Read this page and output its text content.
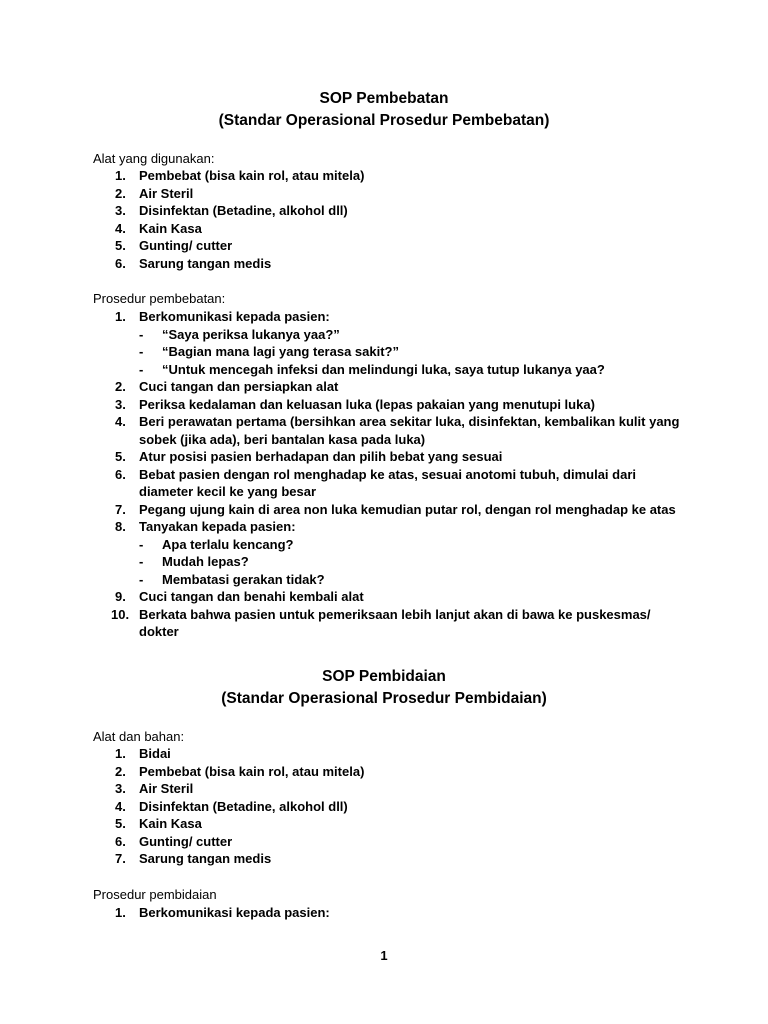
SOP Pembebatan
(Standar Operasional Prosedur Pembebatan)

Alat yang digunakan:

1.	Pembebat (bisa kain rol, atau mitela)
2.	Air Steril
3.	Disinfektan (Betadine, alkohol dll)
4.	Kain Kasa
5.	Gunting/ cutter
6.	Sarung tangan medis

Prosedur pembebatan:

1.	Berkomunikasi kepada pasien:
- “Saya periksa lukanya yaa?”
- “Bagian mana lagi yang terasa sakit?”
- “Untuk mencegah infeksi dan melindungi luka, saya tutup lukanya yaa?
2.	Cuci tangan dan persiapkan alat
3.	Periksa kedalaman dan keluasan luka (lepas pakaian yang menutupi luka)
4.	Beri perawatan pertama (bersihkan area sekitar luka, disinfektan, kembalikan kulit yang sobek (jika ada), beri bantalan kasa pada luka)
5.	Atur posisi pasien berhadapan dan pilih bebat yang sesuai
6.	Bebat pasien dengan rol menghadap ke atas, sesuai anotomi tubuh, dimulai dari diameter kecil ke yang besar
7.	Pegang ujung kain di area non luka kemudian putar rol, dengan rol menghadap ke atas
8.	Tanyakan kepada pasien:
- Apa terlalu kencang?
- Mudah lepas?
- Membatasi gerakan tidak?
9.	Cuci tangan dan benahi kembali alat
10. Berkata bahwa pasien untuk pemeriksaan lebih lanjut akan di bawa ke puskesmas/ dokter
SOP Pembidaian
(Standar Operasional Prosedur Pembidaian)

Alat dan bahan:

1.	Bidai
2.	Pembebat (bisa kain rol, atau mitela)
3.	Air Steril
4.	Disinfektan (Betadine, alkohol dll)
5.	Kain Kasa
6.	Gunting/ cutter
7.	Sarung tangan medis

Prosedur pembidaian

1.	Berkomunikasi kepada pasien:
1
